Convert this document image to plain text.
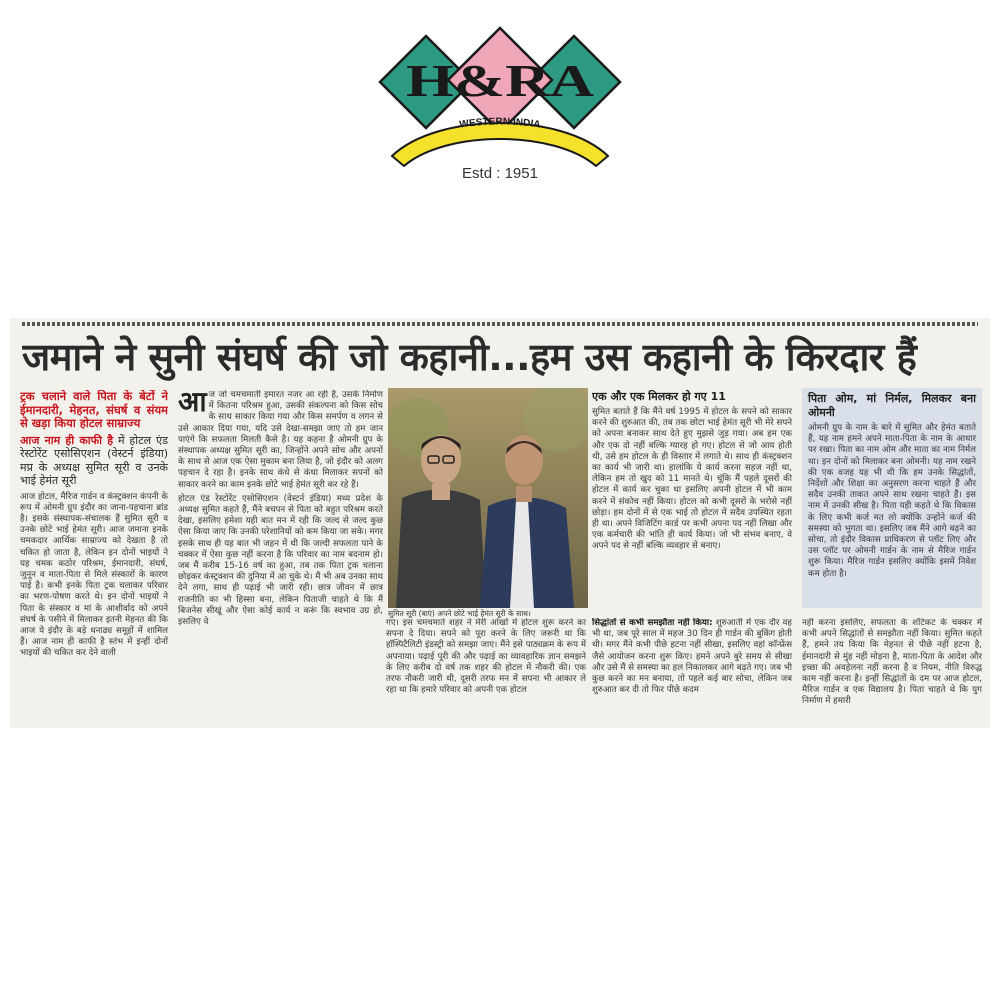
H&RA
WESTERN INDIA
Estd : 1951
जमाने ने सुनी संघर्ष की जो कहानी...हम उस कहानी के किरदार हैं
ट्रक चलाने वाले पिता के बेटों ने ईमानदारी, मेहनत, संघर्ष व संयम से खड़ा किया होटल साम्राज्य
आज नाम ही काफी है में होटल एंड रेस्टोरेंट एसोसिएशन (वेस्टर्न इंडिया) मप्र के अध्यक्ष सुमित सूरी व उनके भाई हेमंत सूरी

आज होटल, मैरिज गार्डन व कंस्ट्रक्शन कंपनी के रूप में ओमनी ग्रुप इंदौर का जाना-पहचाना ब्रांड है। इसके संस्थापक-संचालक हैं सुमित सूरी व उनके छोटे भाई हेमंत सूरी। आज जमाना इनके चमकदार आर्थिक साम्राज्य को देखता है तो चकित हो जाता है, लेकिन इन दोनों भाइयों ने यह चमक कठोर परिश्रम, ईमानदारी, संघर्ष, जुनून व माता-पिता से मिले संस्कारों के कारण पाई है। कभी इनके पिता ट्रक चलाकर परिवार का भरण-पोषण करते थे। इन दोनों भाइयों ने पिता के संस्कार व मां के आशीर्वाद को अपने संघर्ष के पसीने में मिलाकर इतनी मेहनत की कि आज ये इंदौर के बड़े धनाढ्य समूहों में शामिल हैं। आज नाम ही काफी है स्तंभ में इन्हीं दोनों भाइयों की चकित कर देने वाली

आज जो चमचमाती इमारत नजर आ रही है, उसके निर्माण में कितना परिश्रम हुआ, उसकी संकल्पना को किस सोच के साथ साकार किया गया और किस समर्पण व लगन से उसे आकार दिया गया, यदि उसे देखा-समझा जाए तो हम जान पाएंगे कि सफलता मिलती कैसे है। यह कहना है ओमनी ग्रुप के संस्थापक अध्यक्ष सुमित सूरी का, जिन्होंने अपने सोच और अपनों के साथ से आज एक ऐसा मुकाम बना लिया है, जो इंदौर को अलग पहचान दे रहा है। इनके साथ कंधे से कंधा मिलाकर सपनों को साकार करने का काम इनके छोटे भाई हेमंत सूरी कर रहे हैं।

होटल एंड रेस्टोरेंट एसोसिएशन (वेस्टर्न इंडिया) मध्य प्रदेश के अध्यक्ष सुमित कहते हैं, मैंने बचपन से पिता को बहुत परिश्रम करते देखा, इसलिए हमेशा यही बात मन में रही कि जल्द से जल्द कुछ ऐसा किया जाए कि उनकी परेशानियों को कम किया जा सके। मगर इसके साथ ही यह बात भी जहन में थी कि जल्दी सफलता पाने के चक्कर में ऐसा कुछ नहीं करना है कि परिवार का नाम बदनाम हो। जब मैं करीब 15-16 वर्ष का हुआ, तब तक पिता ट्रक चलाना छोड़कर कंस्ट्रक्शन की दुनिया में आ चुके थे। मैं भी अब उनका साथ देने लगा, साथ ही पढ़ाई भी जारी रही। छात्र जीवन में छात्र राजनीति का भी हिस्सा बना, लेकिन पिताजी चाहते थे कि मैं बिजनेस सीखूं और ऐसा कोई कार्य न करूं कि स्वभाव उग्र हो, इसलिए वे

सुमित सूरी (बाएं) अपने छोटे भाई हेमंत सूरी के साथ।
एक और एक मिलकर हो गए 11

सुमित बताते हैं कि मैंने वर्ष 1995 में होटल के सपने को साकार करने की शुरुआत की, तब तक छोटा भाई हेमंत सूरी भी मेरे सपने को अपना बनाकर साथ देते हुए मुझसे जुड़ गया। अब हम एक और एक दो नहीं बल्कि ग्यारह हो गए। होटल से जो आय होती थी, उसे हम होटल के ही विस्तार में लगाते थे। साथ ही कंस्ट्रक्शन का कार्य भी जारी था। हालांकि ये कार्य करना सहज नहीं था, लेकिन हम तो खुद को 11 मानते थे। चूंकि मैं पहले दूसरों की होटल में कार्य कर चुका था इसलिए अपनी होटल में भी काम करने में संकोच नहीं किया। होटल को कभी दूसरों के भरोसे नहीं छोड़ा। हम दोनों में से एक भाई तो होटल में सदैव उपस्थित रहता ही था। अपने विजिटिंग कार्ड पर कभी अपना पद नहीं लिखा और एक कर्मचारी की भांति ही कार्य किया। जो भी संभव बनाए, वे अपने पद से नहीं बल्कि व्यवहार से बनाए।

पिता ओम, मां निर्मल, मिलकर बना ओमनी

ओमनी ग्रुप के नाम के बारे में सुमित और हेमंत बताते हैं, यह नाम हमने अपने माता-पिता के नाम के आधार पर रखा। पिता का नाम ओम और माता का नाम निर्मल था। इन दोनों को मिलाकर बना ओमनी। यह नाम रखने की एक वजह यह भी थी कि हम उनके सिद्धांतों, निर्देशों और शिक्षा का अनुसरण करना चाहते हैं और सदैव उनकी ताकत अपने साथ रखना चाहते हैं। इस नाम में उनकी सीख है। पिता यही कहते थे कि विकास के लिए कभी कर्ज मत लो क्योंकि उन्होंने कर्ज की समस्या को भुगता था। इसलिए जब मैंने आगे बढ़ने का सोचा, तो इंदौर विकास प्राधिकरण से प्लॉट लिए और उस प्लॉट पर ओमनी गार्डन के नाम से मैरिज गार्डन शुरू किया। मैरिज गार्डन इसलिए क्योंकि इसमें निवेश कम होता है।

गए। इस चमचमाते शहर ने मेरी आंखों में होटल शुरू करने का सपना दे दिया। सपने को पूरा करने के लिए जरूरी था कि हॉस्पिटैलिटी इंडस्ट्री को समझा जाए। मैंने इसे पाठ्यक्रम के रूप में अपनाया। पढ़ाई पूरी की और पढ़ाई का व्यावहारिक ज्ञान समझने के लिए करीब दो वर्ष तक शहर की होटल में नौकरी की। एक तरफ नौकरी जारी थी, दूसरी तरफ मन में सपना भी आकार ले रहा था कि हमारे परिवार को अपनी एक होटल

सिद्धांतों से कभी समझौता नहीं किया: शुरुआती में एक दौर वह भी था, जब पूरे साल में महज 30 दिन ही गार्डन की बुकिंग होती थी। मगर मैंने कभी पीछे हटना नहीं सीखा, इसलिए वहां कॉन्फ्रेंस जैसे आयोजन करना शुरू किए। हमने अपने बुरे समय से सीखा और उसे मैं से समस्या का हल निकालकर आगे बढ़ते गए। जब भी कुछ करने का मन बनाया, तो पहले कई बार सोचा, लेकिन जब शुरुआत कर दी तो फिर पीछे कदम

नहीं करना इसलिए, सफलता के शॉर्टकट के चक्कर में कभी अपने सिद्धांतों से समझौता नहीं किया। सुमित कहते हैं, हमने तय किया कि मेहनत से पीछे नहीं हटना है, ईमानदारी से मुंह नहीं मोड़ना है, माता-पिता के आदेश और इच्छा की अवहेलना नहीं करना है व नियम, नीति विरुद्ध काम नहीं करना है। इन्हीं सिद्धांतों के दम पर आज होटल, मैरिज गार्डन व एक विद्यालय है। पिता चाहते थे कि युग निर्माण में हमारी
